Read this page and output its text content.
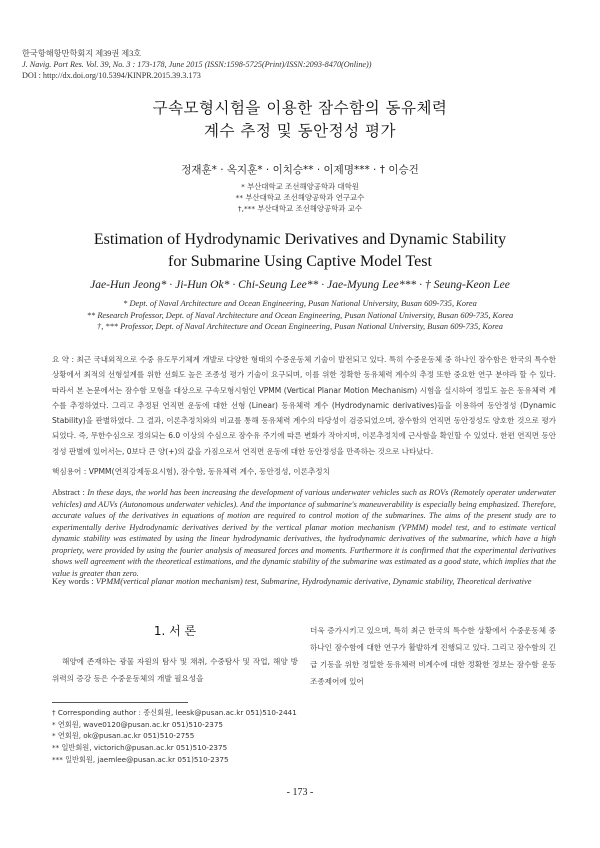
한국항해항만학회지 제39권 제3호
J. Navig. Port Res. Vol. 39, No. 3 : 173-178, June 2015 (ISSN:1598-5725(Print)/ISSN:2093-8470(Online))
DOI : http://dx.doi.org/10.5394/KINPR.2015.39.3.173
구속모형시험을 이용한 잠수함의 동유체력
계수 추정 및 동안정성 평가
정재훈* · 옥지훈* · 이치승** · 이제명*** · † 이승건
* 부산대학교 조선해양공학과 대학원
** 부산대학교 조선해양공학과 연구교수
†,*** 부산대학교 조선해양공학과 교수
Estimation of Hydrodynamic Derivatives and Dynamic Stability
for Submarine Using Captive Model Test
Jae-Hun Jeong* · Ji-Hun Ok* · Chi-Seung Lee** · Jae-Myung Lee*** · † Seung-Keon Lee
* Dept. of Naval Architecture and Ocean Engineering, Pusan National University, Busan 609-735, Korea
** Research Professor, Dept. of Naval Architecture and Ocean Engineering, Pusan National University, Busan 609-735, Korea
†, *** Professor, Dept. of Naval Architecture and Ocean Engineering, Pusan National University, Busan 609-735, Korea
요 약 : 최근 국내외적으로 수중 유도무기체계 개발로 다양한 형태의 수중운동체 기술이 발전되고 있다. 특히 수중운동체 중 하나인 잠수함은 한국의 특수한 상황에서 최적의 선형설계를 위한 선회도 높은 조종성 평가 기술이 요구되며, 이를 위한 정확한 동유체력 계수의 추정 또한 중요한 연구 분야라 할 수 있다. 따라서 본 논문에서는 잠수함 모형을 대상으로 구속모형시험인 VPMM (Vertical Planar Motion Mechanism) 시험을 실시하여 정밀도 높은 동유체력 계수를 추정하였다. 그리고 추정된 연직면 운동에 대한 선형 (Linear) 동유체력 계수 (Hydrodynamic derivatives)들을 이용하여 동안정성 (Dynamic Stability)을 판별하였다. 그 결과, 이론추정치와의 비교를 통해 동유체력 계수의 타당성이 검증되었으며, 잠수함의 연직면 동안정성도 양호한 것으로 평가되었다. 즉, 무한수심으로 정의되는 6.0 이상의 수심으로 잠수유 주기에 따른 변화가 작아지며, 이론추정치에 근사함을 확인할 수 있었다. 한편 연직면 동안정성 판별에 있어서는, 0보다 큰 양(+)의 값을 가짐으로서 연직면 운동에 대한 동안정성을 만족하는 것으로 나타났다.
핵심용어 : VPMM(연직강제동요시험), 잠수함, 동유체력 계수, 동안정성, 이론추정치
Abstract : In these days, the world has been increasing the development of various underwater vehicles such as ROVs (Remotely operater underwater vehicles) and AUVs (Autonomous underwater vehicles). And the importance of submarine's maneuverability is especially being emphasized. Therefore, accurate values of the derivatives in equations of motion are required to control motion of the submarines. The aims of the present study are to experimentally derive Hydrodynamic derivatives derived by the vertical planar motion mechanism (VPMM) model test, and to estimate vertical dynamic stability was estimated by using the linear hydrodynamic derivatives, the hydrodynamic derivatives of the submarine, which have a high propriety, were provided by using the fourier analysis of measured forces and moments. Furthermore it is confirmed that the experimental derivatives shows well agreement with the theoretical estimations, and the dynamic stability of the submarine was estimated as a good state, which implies that the value is greater than zero.
Key words : VPMM(vertical planar motion mechanism) test, Submarine, Hydrodynamic derivative, Dynamic stability, Theoretical derivative
1. 서 론

해양에 존재하는 광물 자원의 탐사 및 채취, 수중탐사 및 작업, 해양 방위력의 증강 등은 수중운동체의 개발 필요성을

더욱 증가시키고 있으며, 특히 최근 한국의 특수한 상황에서 수중운동체 중 하나인 잠수함에 대한 연구가 활발하게 진행되고 있다. 그리고 잠수함의 긴급 기동을 위한 정밀한 동유체력 비계수에 대한 정확한 정보는 잠수함 운동조종제어에 있어

† Corresponding author : 종신회원, leesk@pusan.ac.kr 051)510-2441
* 연회원, wave0120@pusan.ac.kr 051)510-2375
* 연회원, ok@pusan.ac.kr 051)510-2755
** 일반회원, victorich@pusan.ac.kr 051)510-2375
*** 일반회원, jaemlee@pusan.ac.kr 051)510-2375
- 173 -
